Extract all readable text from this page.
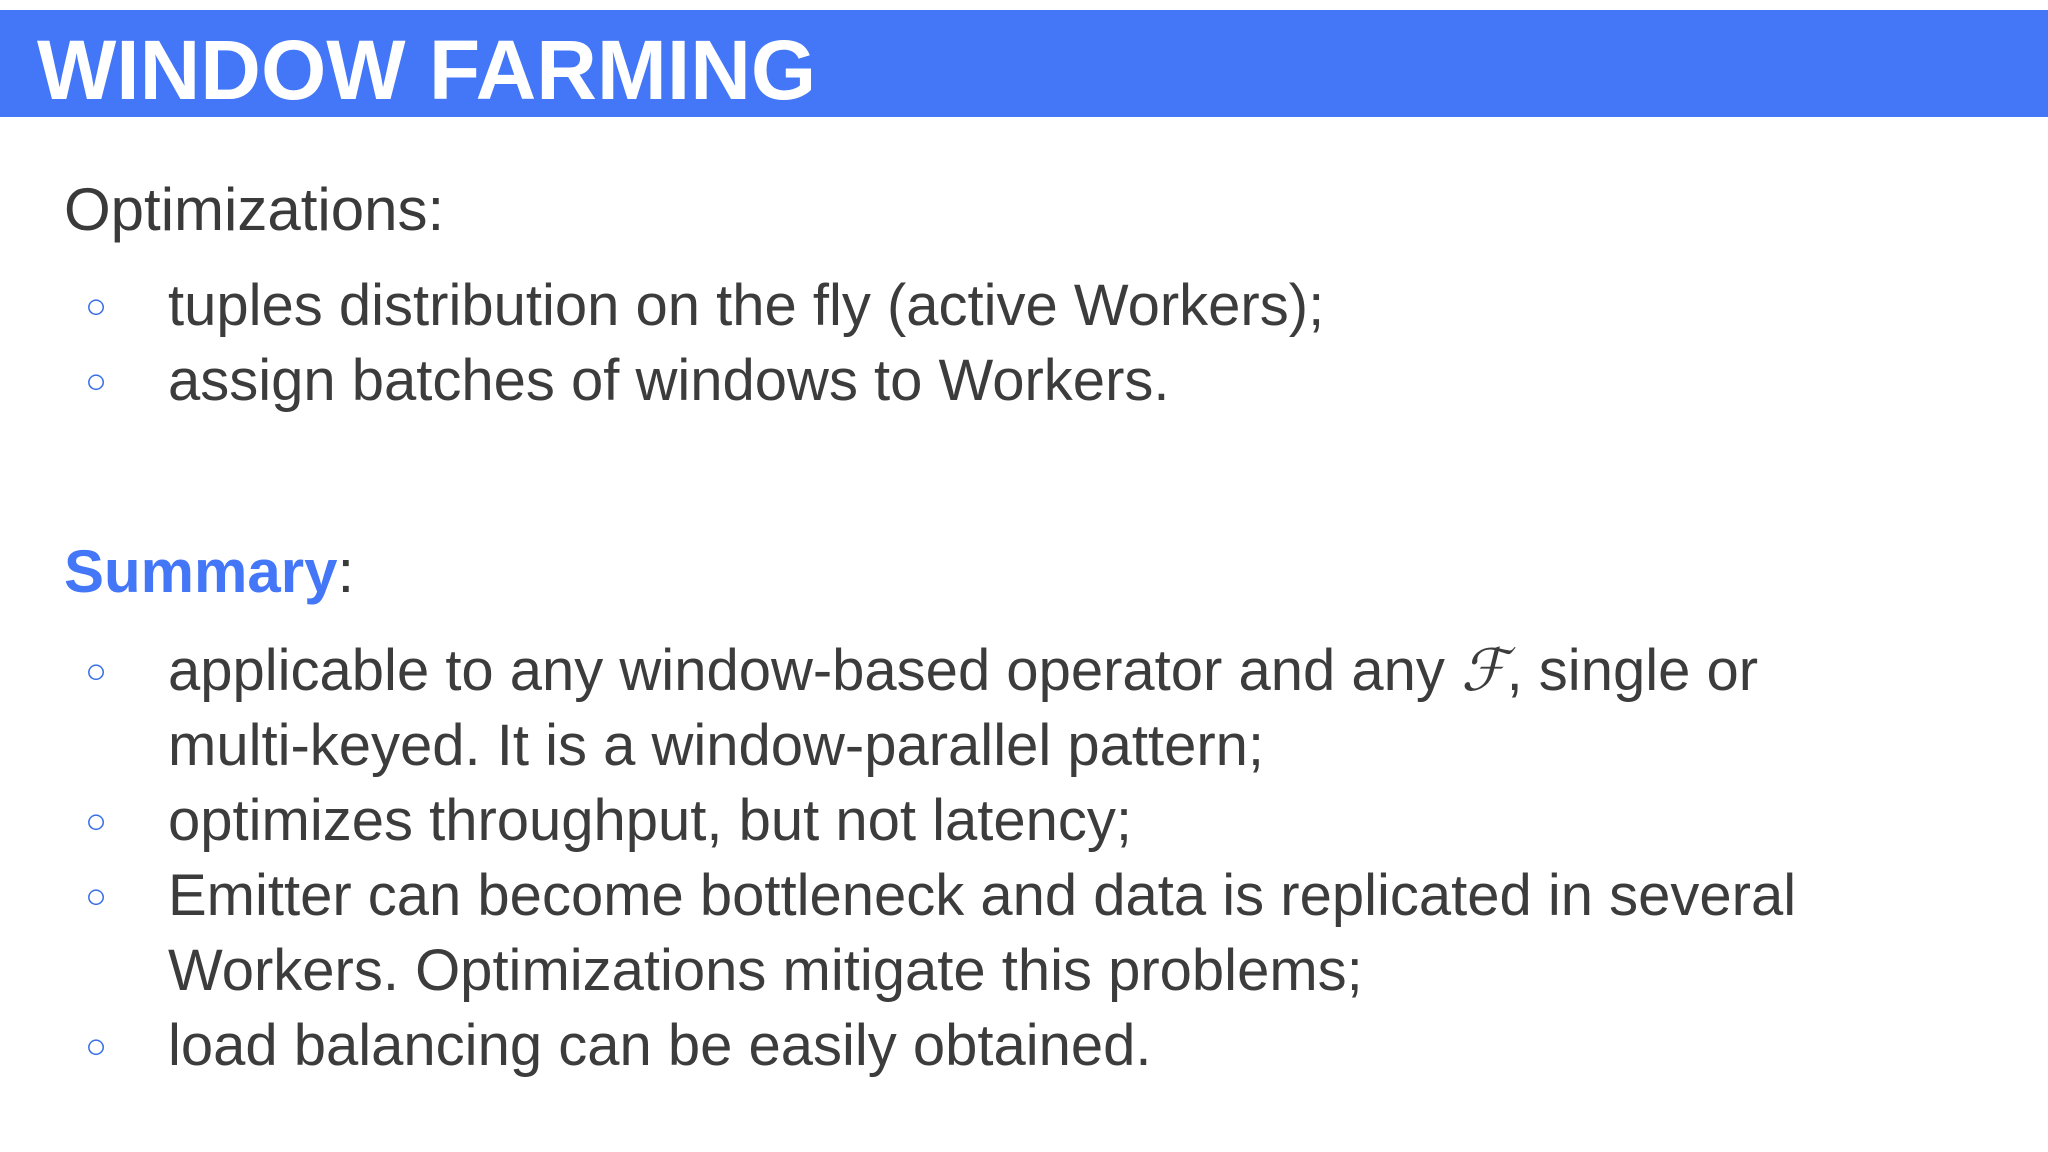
WINDOW FARMING
Optimizations:
○ tuples distribution on the fly (active Workers);
○ assign batches of windows to Workers.
Summary:
○ applicable to any window-based operator and any ℱ, single or multi-keyed. It is a window-parallel pattern;
○ optimizes throughput, but not latency;
○ Emitter can become bottleneck and data is replicated in several Workers. Optimizations mitigate this problems;
○ load balancing can be easily obtained.
